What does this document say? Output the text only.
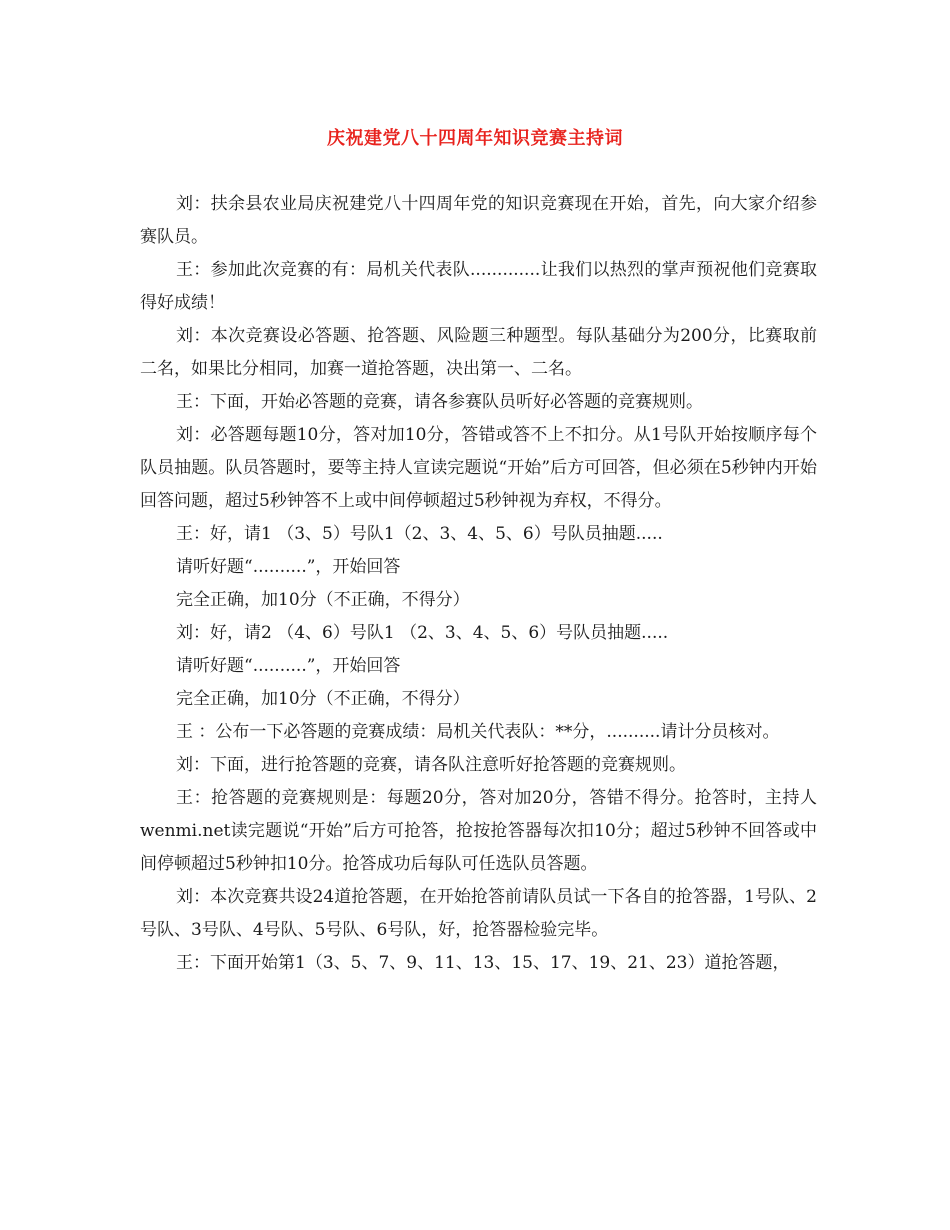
庆祝建党八十四周年知识竞赛主持词

刘：扶余县农业局庆祝建党八十四周年党的知识竞赛现在开始，首先，向大家介绍参赛队员。

王：参加此次竞赛的有：局机关代表队.............让我们以热烈的掌声预祝他们竞赛取得好成绩！

刘：本次竞赛设必答题、抢答题、风险题三种题型。每队基础分为200分，比赛取前二名，如果比分相同，加赛一道抢答题，决出第一、二名。

王：下面，开始必答题的竞赛，请各参赛队员听好必答题的竞赛规则。

刘：必答题每题10分，答对加10分，答错或答不上不扣分。从1号队开始按顺序每个队员抽题。队员答题时，要等主持人宣读完题说“开始”后方可回答，但必须在5秒钟内开始回答问题，超过5秒钟答不上或中间停顿超过5秒钟视为弃权，不得分。

王：好，请1 （3、5）号队1（2、3、4、5、6）号队员抽题.....

请听好题“..........”，开始回答

完全正确，加10分（不正确，不得分）

刘：好，请2 （4、6）号队1 （2、3、4、5、6）号队员抽题.....

请听好题“..........”，开始回答

完全正确，加10分（不正确，不得分）

王 ：公布一下必答题的竞赛成绩：局机关代表队：**分，..........请计分员核对。

刘：下面，进行抢答题的竞赛，请各队注意听好抢答题的竞赛规则。

王：抢答题的竞赛规则是：每题20分，答对加20分，答错不得分。抢答时，主持人wenmi.net读完题说“开始”后方可抢答，抢按抢答器每次扣10分；超过5秒钟不回答或中间停顿超过5秒钟扣10分。抢答成功后每队可任选队员答题。

刘：本次竞赛共设24道抢答题，在开始抢答前请队员试一下各自的抢答器，1号队、2号队、3号队、4号队、5号队、6号队，好，抢答器检验完毕。

王：下面开始第1（3、5、7、9、11、13、15、17、19、21、23）道抢答题，
